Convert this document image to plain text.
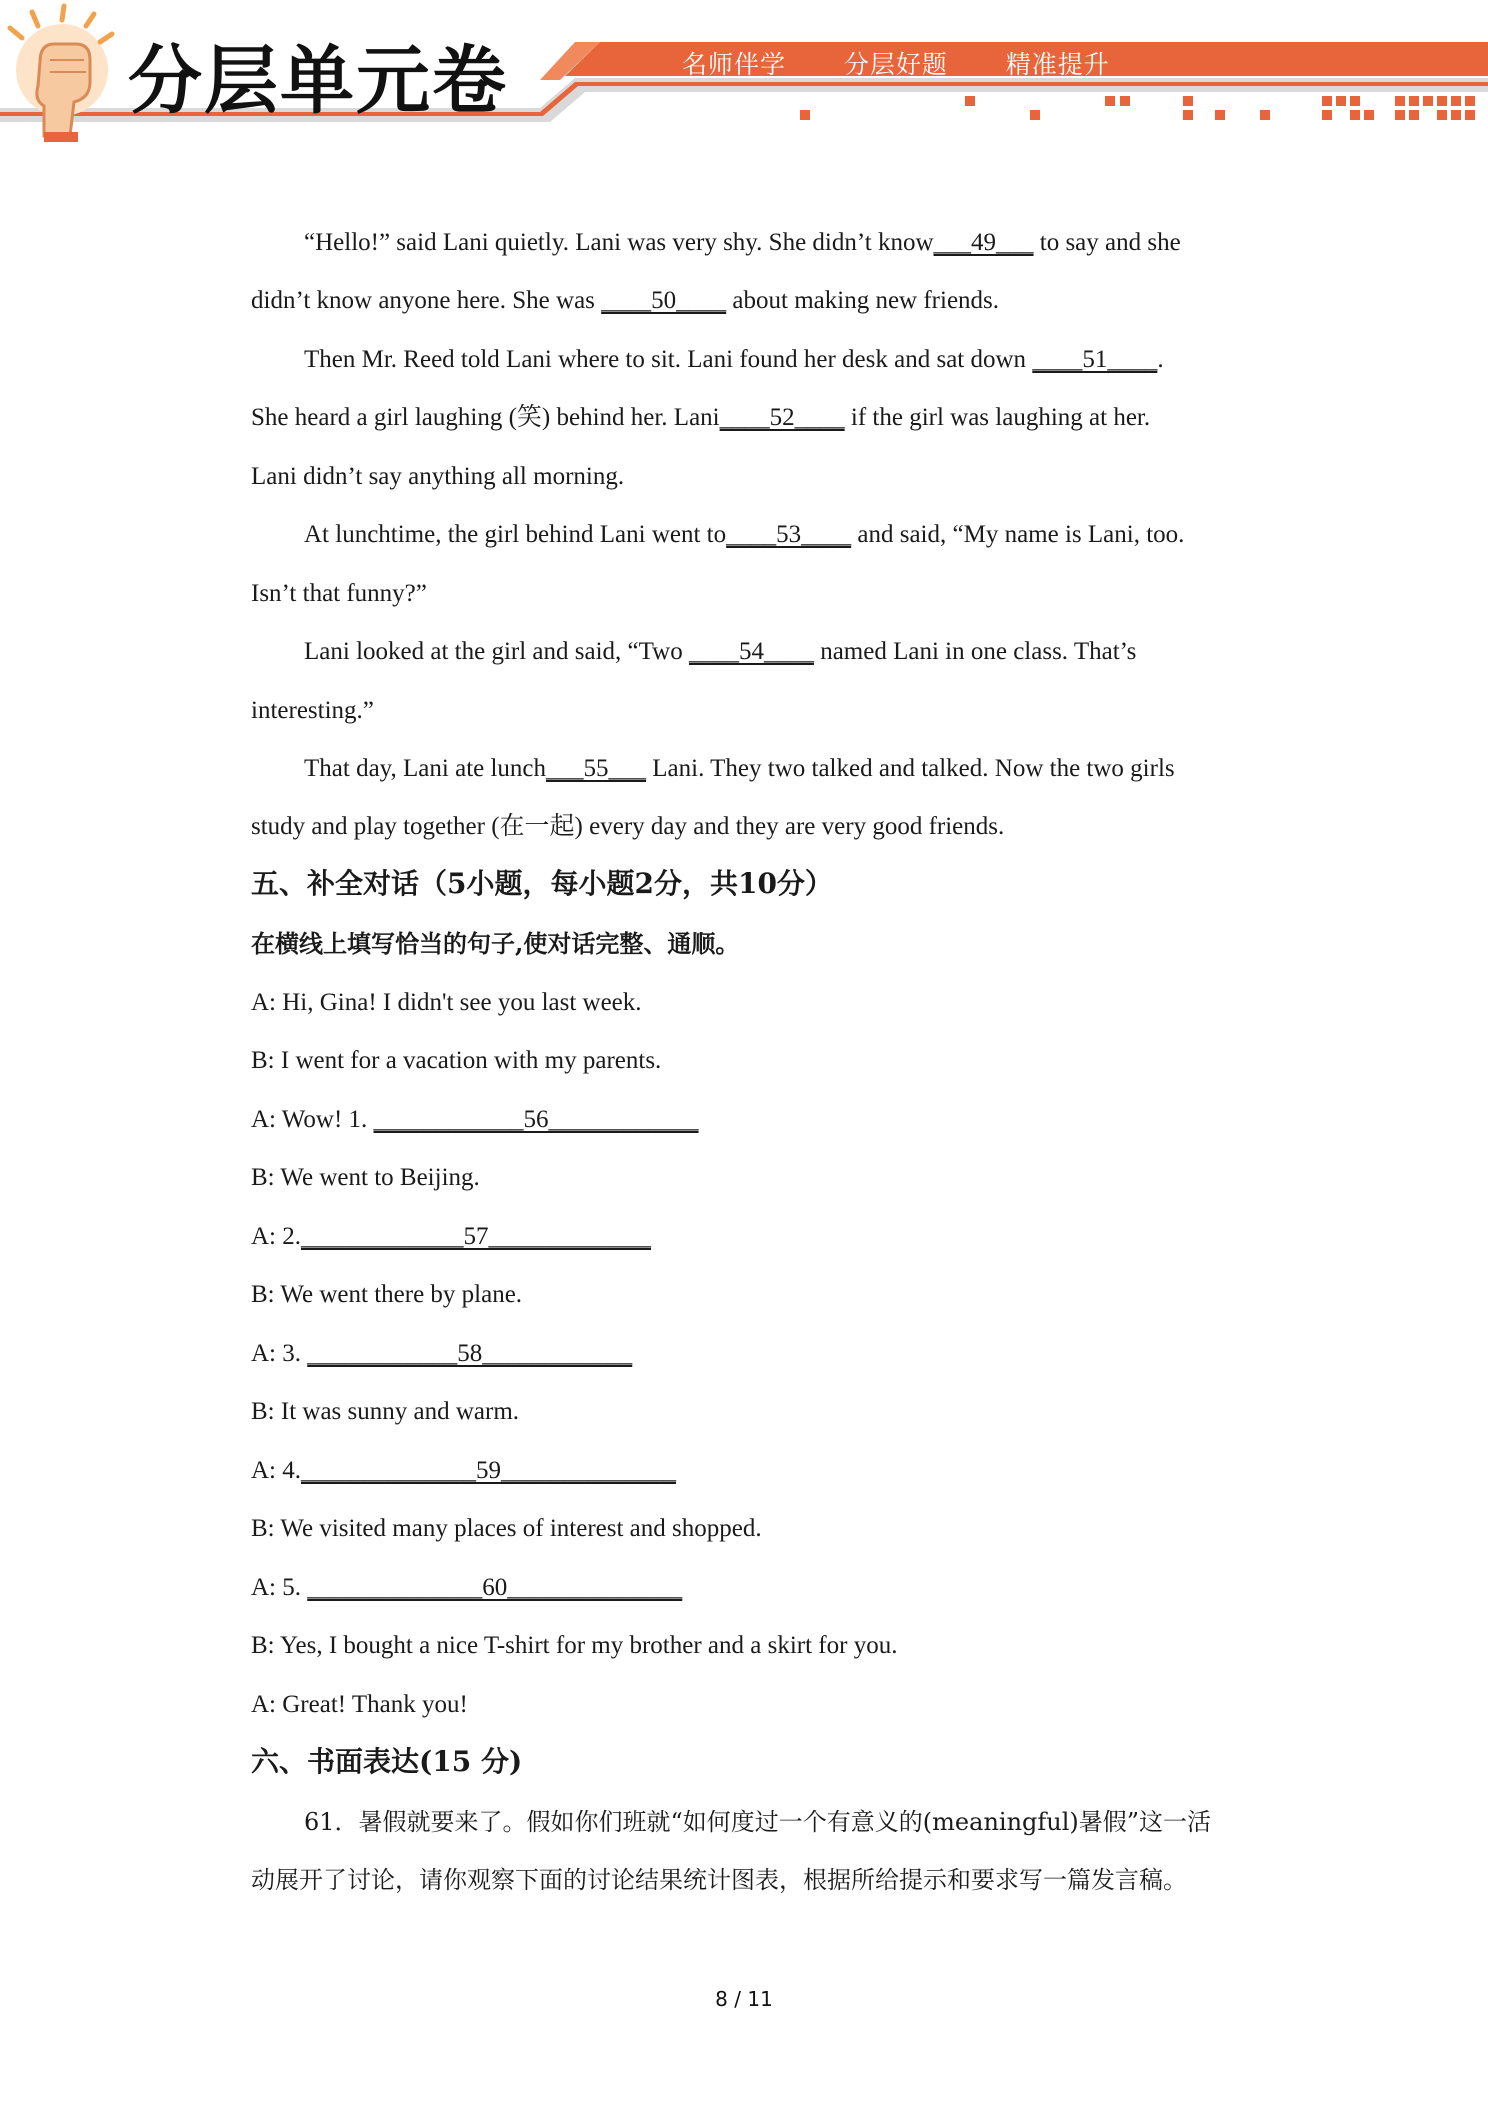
分层单元卷	名师伴学  分层好题  精准提升

“Hello!” said Lani quietly. Lani was very shy. She didn’t know___49___ to say and she

didn’t know anyone here. She was ____50____ about making new friends.

Then Mr. Reed told Lani where to sit. Lani found her desk and sat down ____51____.

She heard a girl laughing (笑) behind her. Lani____52____ if the girl was laughing at her.

Lani didn’t say anything all morning.

At lunchtime, the girl behind Lani went to____53____ and said, “My name is Lani, too.

Isn’t that funny?”

Lani looked at the girl and said, “Two ____54____ named Lani in one class. That’s

interesting.”

That day, Lani ate lunch___55___ Lani. They two talked and talked. Now the two girls

study and play together (在一起) every day and they are very good friends.

五、补全对话（5小题，每小题2分，共10分）

在横线上填写恰当的句子,使对话完整、通顺。

A: Hi, Gina! I didn't see you last week.

B: I went for a vacation with my parents.

A: Wow! 1. ____________56____________

B: We went to Beijing.

A: 2._____________57_____________

B: We went there by plane.

A: 3. ____________58____________

B: It was sunny and warm.

A: 4.______________59______________

B: We visited many places of interest and shopped.

A: 5. ______________60______________

B: Yes, I bought a nice T-shirt for my brother and a skirt for you.

A: Great! Thank you!

六、书面表达(15 分)

61．暑假就要来了。假如你们班就“如何度过一个有意义的(meaningful)暑假”这一活

动展开了讨论，请你观察下面的讨论结果统计图表，根据所给提示和要求写一篇发言稿。

8 / 11
